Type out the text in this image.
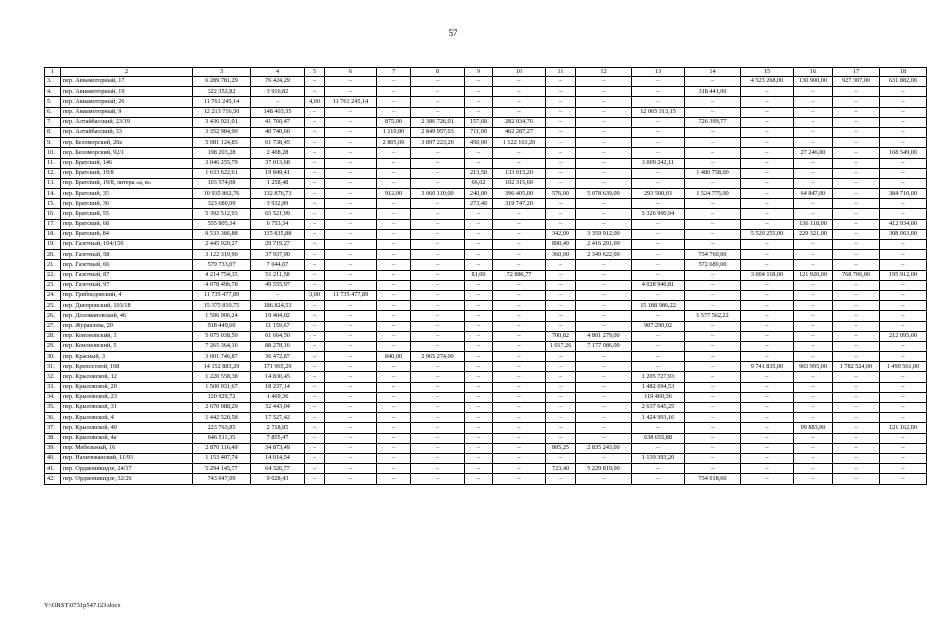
57
1	2	3	4	5	6	7	8	9	10	11	12	13	14	15	16	17	18
3.	пер. Авиамоторный, 17	6 289 781,29	76 424,29	–	–	–	–	–	–	–	–	–	–	4 523 268,00	130 900,00	927 307,00	631 882,00
4.	пер. Авиамоторный, 19	322 352,82	3 916,82	–	–	–	–	–	–	–	–	–	318 441,00	–	–	–	–
5.	пер. Авиамоторный, 26	11 761 245,14	–	4,00	11 761 245,14	–	–	–	–	–	–	–	–	–	–	–	–
6.	пер. Авиамоторный, 9	12 213 716,50	148 403,35	–	–	–	–	–	–	–	–	12 065 313,15	–	–	–	–	–
7.	пер. Алтайбасский, 23/19	3 436 921,01	41 760,47	–	–	875,00	2 386 726,01	157,68	282 034,76	–	–	–	726 399,77	–	–	–	–
8.	пер. Алтайбасский, 33	3 352 984,90	40 740,60	–	–	1 110,80	2 849 957,03	711,00	462 287,27	–	–	–	–	–	–	–	–
9.	пер. Беломорский, 20а	5 081 124,85	61 738,45	–	–	2 805,00	3 897 223,20	450,00	1 122 163,20	–	–	–	–	–	–	–	–
10.	пер. Беломорский, 92/1	198 203,28	2 408,28	–	–	–	–	–	–	–	–	–	–	–	27 246,00	–	168 549,00
11.	пер. Братский, 146	3 046 255,79	37 013,68	–	–	–	–	–	–	–	–	3 009 242,11	–	–	–	–	–
12.	пер. Братский, 19/8	1 633 622,61	19 849,41	–	–	–	–	213,50	133 015,20	–	–	–	1 480 758,00	–	–	–	–
13.	пер. Братский, 19/8, литера «а, в»	103 574,08	1 258,48	–	–	–	–	66,02	102 315,60	–	–	–	–	–	–	–	–
14.	пер. Братский, 35	10 935 862,76	132 876,73	–	–	912,00	3 060 110,00	240,00	396 405,00	576,00	5 078 639,00	293 500,03	1 524 775,00	–	64 847,00	–	384 710,00
15.	пер. Братский, 36	323 680,09	3 932,89	–	–	–	–	273,40	319 747,20	–	–	–	–	–	–	–	–
16.	пер. Братский, 55	5 392 512,93	65 521,99	–	–	–	–	–	–	–	–	5 326 990,94	–	–	–	–	–
17.	пер. Братский, 68	555 805,34	6 753,34	–	–	–	–	–	–	–	–	–	–	–	136 118,00	–	412 934,00
18.	пер. Братский, 84	9 533 386,88	115 835,88	–	–	–	–	–	–	342,00	3 359 912,00	–	–	5 520 255,00	229 321,00	–	308 063,00
19.	пер. Газетный, 104/150	2 445 920,27	29 719,27	–	–	–	–	–	–	890,49	2 416 201,00	–	–	–	–	–	–
20.	пер. Газетный, 58	3 122 319,90	37 937,90	–	–	–	–	–	–	360,00	2 349 622,00	–	734 760,00	–	–	–	–
21.	пер. Газетный, 66	579 733,07	7 044,07	–	–	–	–	–	–	–	–	–	572 689,00	–	–	–	–
22.	пер. Газетный, 87	4 214 754,35	51 211,58	–	–	–	–	81,00	72 886,77	–	–	–	–	3 004 118,00	121 920,00	768 706,00	195 912,00
23.	пер. Газетный, 97	4 078 496,78	49 555,97	–	–	–	–	–	–	–	–	4 028 940,81	–	–	–	–	–
24.	пер. Грибоедовский, 4	11 735 477,89	–	3,00	11 735 477,89	–	–	–	–	–	–	–	–	–	–	–	–
25.	пер. Днепровский, 103/18	15 375 810,75	186 824,53	–	–	–	–	–	–	–	–	15 188 986,22	–	–	–	–	–
26.	пер. Доломановский, 46	1 596 906,24	19 404,02	–	–	–	–	–	–	–	–	–	1 577 562,22	–	–	–	–
27.	пер. Журавлева, 20	918 449,69	11 159,67	–	–	–	–	–	–	–	–	907 290,02	–	–	–	–	–
28.	пер. Кононовский, 3	5 075 038,50	61 664,50	–	–	–	–	–	–	700,82	4 801 279,00	–	–	–	–	–	212 095,00
29.	пер. Кононовский, 5	7 265 364,16	88 278,16	–	–	–	–	–	–	1 017,26	7 177 086,00	–	–	–	–	–	–
30.	пер. Красный, 3	3 001 746,87	36 472,87	–	–	840,00	2 965 274,00	–	–	–	–	–	–	–	–	–	–
31.	пер. Крепостной, 108	14 152 883,29	171 965,29	–	–	–	–	–	–	–	–	–	–	9 741 835,00	965 995,00	1 782 524,00	1 490 561,00
32.	пер. Крыловской, 12	1 220 558,38	14 830,45	–	–	–	–	–	–	–	–	1 205 727,93	–	–	–	–	–
33.	пер. Крыловской, 20	1 500 931,67	18 237,14	–	–	–	–	–	–	–	–	1 482 694,53	–	–	–	–	–
34.	пер. Крыловской, 23	120 929,72	1 469,36	–	–	–	–	–	–	–	–	119 460,36	–	–	–	–	–
35.	пер. Крыловской, 31	2 670 088,29	32 443,04	–	–	–	–	–	–	–	–	2 637 645,25	–	–	–	–	–
36.	пер. Крыловской, 4	1 442 520,58	17 527,42	–	–	–	–	–	–	–	–	1 424 993,16	–	–	–	–	–
37.	пер. Крыловской, 40	223 763,85	2 718,85	–	–	–	–	–	–	–	–	–	–	–	99 883,00	–	121 162,00
38.	пер. Крыловской, 4а	646 511,35	7 855,47	–	–	–	–	–	–	–	–	638 655,88	–	–	–	–	–
39.	пер. Мебельный, 16	2 870 116,49	34 873,49	–	–	–	–	–	–	805,25	2 835 243,00	–	–	–	–	–	–
40.	пер. Нахичеванский, 11/93	1 153 407,74	14 014,54	–	–	–	–	–	–	–	–	1 139 393,20	–	–	–	–	–
41.	пер. Орджоникидзе, 24/17	5 294 145,77	64 326,77	–	–	–	–	–	–	723,40	5 229 819,00	–	–	–	–	–	–
42.	пер. Орджоникидзе, 32/26	743 047,09	9 028,43	–	–	–	–	–	–	–	–	–	734 018,66	–	–	–	–
Y:\ORST\0731p547.f23.docx
